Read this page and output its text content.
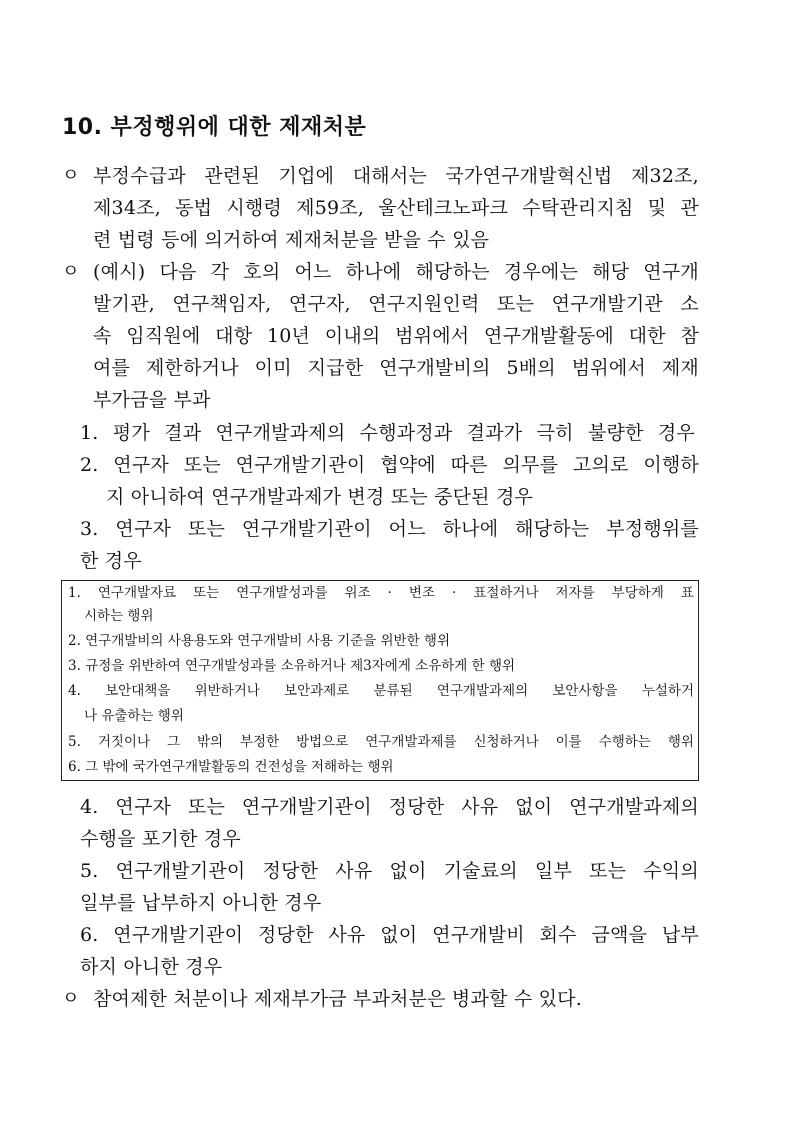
10. 부정행위에 대한 제재처분
ㅇ 부정수급과 관련된 기업에 대해서는 국가연구개발혁신법 제32조,
제34조, 동법 시행령 제59조, 울산테크노파크 수탁관리지침 및 관
련 법령 등에 의거하여 제재처분을 받을 수 있음
ㅇ (예시) 다음 각 호의 어느 하나에 해당하는 경우에는 해당 연구개
발기관, 연구책임자, 연구자, 연구지원인력 또는 연구개발기관 소
속 임직원에 대항 10년 이내의 범위에서 연구개발활동에 대한 참
여를 제한하거나 이미 지급한 연구개발비의 5배의 범위에서 제재
부가금을 부과
1. 평가 결과 연구개발과제의 수행과정과 결과가 극히 불량한 경우
2. 연구자 또는 연구개발기관이 협약에 따른 의무를 고의로 이행하
지 아니하여 연구개발과제가 변경 또는 중단된 경우
3. 연구자 또는 연구개발기관이 어느 하나에 해당하는 부정행위를
한 경우
1. 연구개발자료 또는 연구개발성과를 위조 · 변조 · 표절하거나 저자를 부당하게 표
시하는 행위
2. 연구개발비의 사용용도와 연구개발비 사용 기준을 위반한 행위
3. 규정을 위반하여 연구개발성과를 소유하거나 제3자에게 소유하게 한 행위
4. 보안대책을 위반하거나 보안과제로 분류된 연구개발과제의 보안사항을 누설하거
나 유출하는 행위
5. 거짓이나 그 밖의 부정한 방법으로 연구개발과제를 신청하거나 이를 수행하는 행위
6. 그 밖에 국가연구개발활동의 건전성을 저해하는 행위
4. 연구자 또는 연구개발기관이 정당한 사유 없이 연구개발과제의
수행을 포기한 경우
5. 연구개발기관이 정당한 사유 없이 기술료의 일부 또는 수익의
일부를 납부하지 아니한 경우
6. 연구개발기관이 정당한 사유 없이 연구개발비 회수 금액을 납부
하지 아니한 경우
ㅇ 참여제한 처분이나 제재부가금 부과처분은 병과할 수 있다.
